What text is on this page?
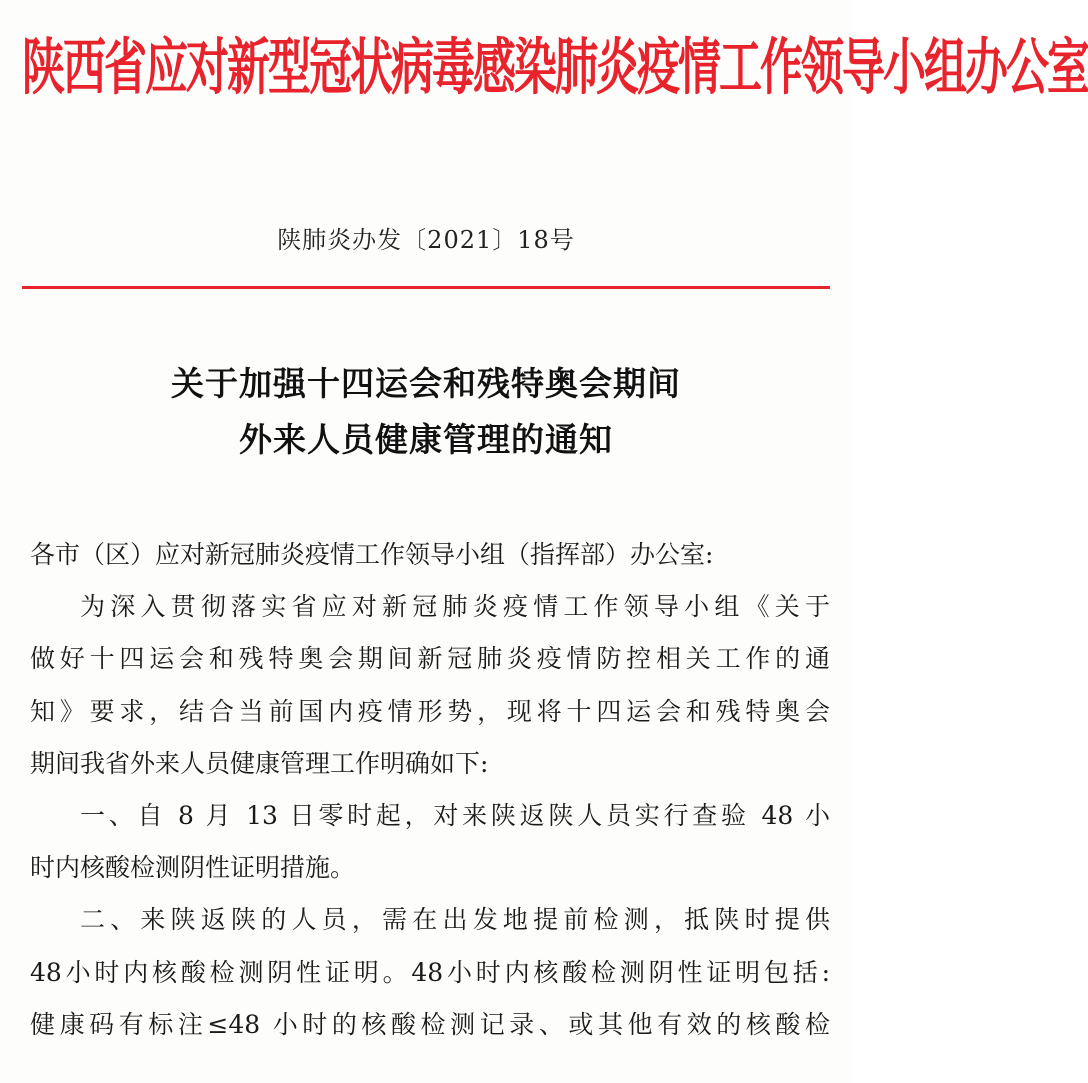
陕西省应对新型冠状病毒感染肺炎疫情工作领导小组办公室
陕肺炎办发〔2021〕18号
关于加强十四运会和残特奥会期间
外来人员健康管理的通知
各市（区）应对新冠肺炎疫情工作领导小组（指挥部）办公室:
为深入贯彻落实省应对新冠肺炎疫情工作领导小组《关于
做好十四运会和残特奥会期间新冠肺炎疫情防控相关工作的通
知》要求，结合当前国内疫情形势，现将十四运会和残特奥会
期间我省外来人员健康管理工作明确如下:
一、自 8 月 13 日零时起，对来陕返陕人员实行查验 48 小
时内核酸检测阴性证明措施。
二、来陕返陕的人员，需在出发地提前检测，抵陕时提供
48小时内核酸检测阴性证明。48小时内核酸检测阴性证明包括:
健康码有标注≤48 小时的核酸检测记录、或其他有效的核酸检
